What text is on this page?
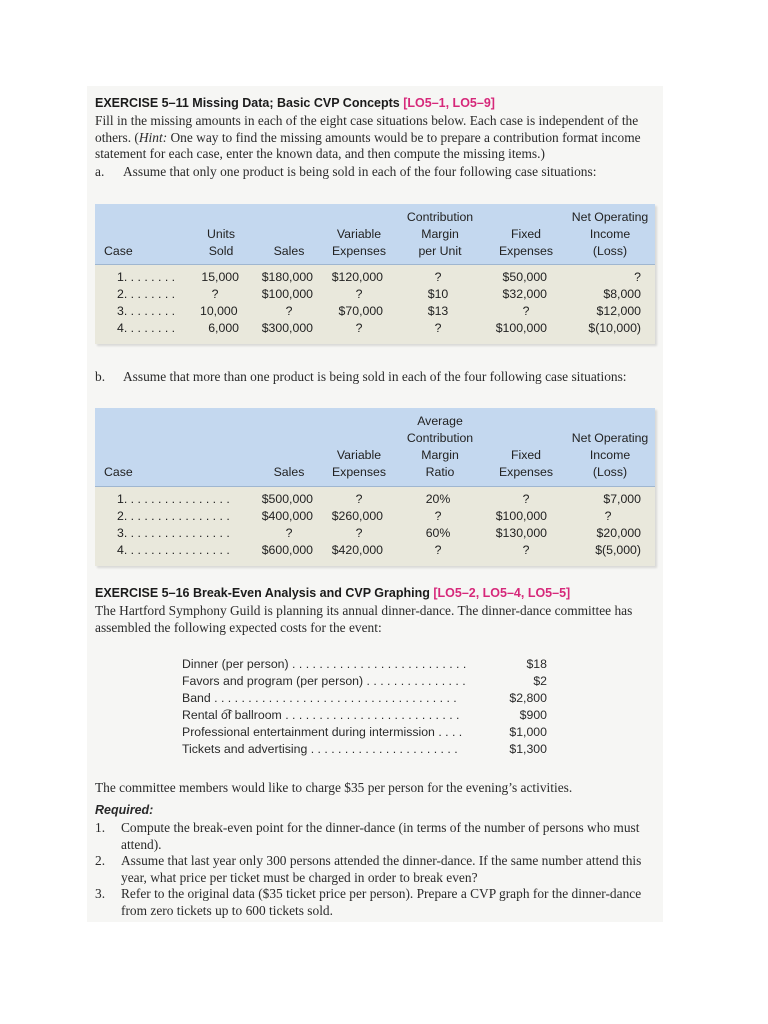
EXERCISE 5–11 Missing Data; Basic CVP Concepts [LO5–1, LO5–9]
Fill in the missing amounts in each of the eight case situations below. Each case is independent of the others. (Hint: One way to find the missing amounts would be to prepare a contribution format income statement for each case, enter the known data, and then compute the missing items.)
a. Assume that only one product is being sold in each of the four following case situations:
Case
Units
Sold	Sales
Variable
Expenses
Contribution
Margin
per Unit
Fixed
Expenses
Net Operating
Income
(Loss)
1. . . . . . . .	15,000	$180,000	$120,000	?	$50,000	?
2. . . . . . . .	?	$100,000	?	$10	$32,000	$8,000
3. . . . . . . . 10,000	?	$70,000	$13	?	$12,000
4. . . . . . . .	6,000	$300,000	?	?	$100,000	$(10,000)
b. Assume that more than one product is being sold in each of the four following case situations:
Case	Sales
Variable
Expenses
Average
Contribution
Margin
Ratio
Fixed
Expenses
Net Operating
Income
(Loss)
1. . . . . . . . . . . . . . . .	$500,000	?	20%	?	$7,000
2. . . . . . . . . . . . . . . .	$400,000	$260,000	?	$100,000	?
3. . . . . . . . . . . . . . . .	?	?	60%	$130,000	$20,000
4. . . . . . . . . . . . . . . .	$600,000	$420,000	?	?	$(5,000)
EXERCISE 5–16 Break-Even Analysis and CVP Graphing [LO5–2, LO5–4, LO5–5]
The Hartford Symphony Guild is planning its annual dinner-dance. The dinner-dance committee has assembled the following expected costs for the event:
Dinner (per person) . . . . . . . . . . . . . . . . . . . . . . . . . .	$18
Favors and program (per person) . . . . . . . . . . . . . . .	$2
Band . . . . . . . . . . . . . . . . . . . . . . . . . . . . . . . . . . . .	$2,800
Rental o͡f ballroom . . . . . . . . . . . . . . . . . . . . . . . . . .	$900
Professional entertainment during intermission . . . .	$1,000
Tickets and advertising . . . . . . . . . . . . . . . . . . . . . .	$1,300
The committee members would like to charge $35 per person for the evening’s activities.
Required:
1. Compute the break-even point for the dinner-dance (in terms of the number of persons who must attend).
2. Assume that last year only 300 persons attended the dinner-dance. If the same number attend this year, what price per ticket must be charged in order to break even?
3. Refer to the original data ($35 ticket price per person). Prepare a CVP graph for the dinner-dance from zero tickets up to 600 tickets sold.
